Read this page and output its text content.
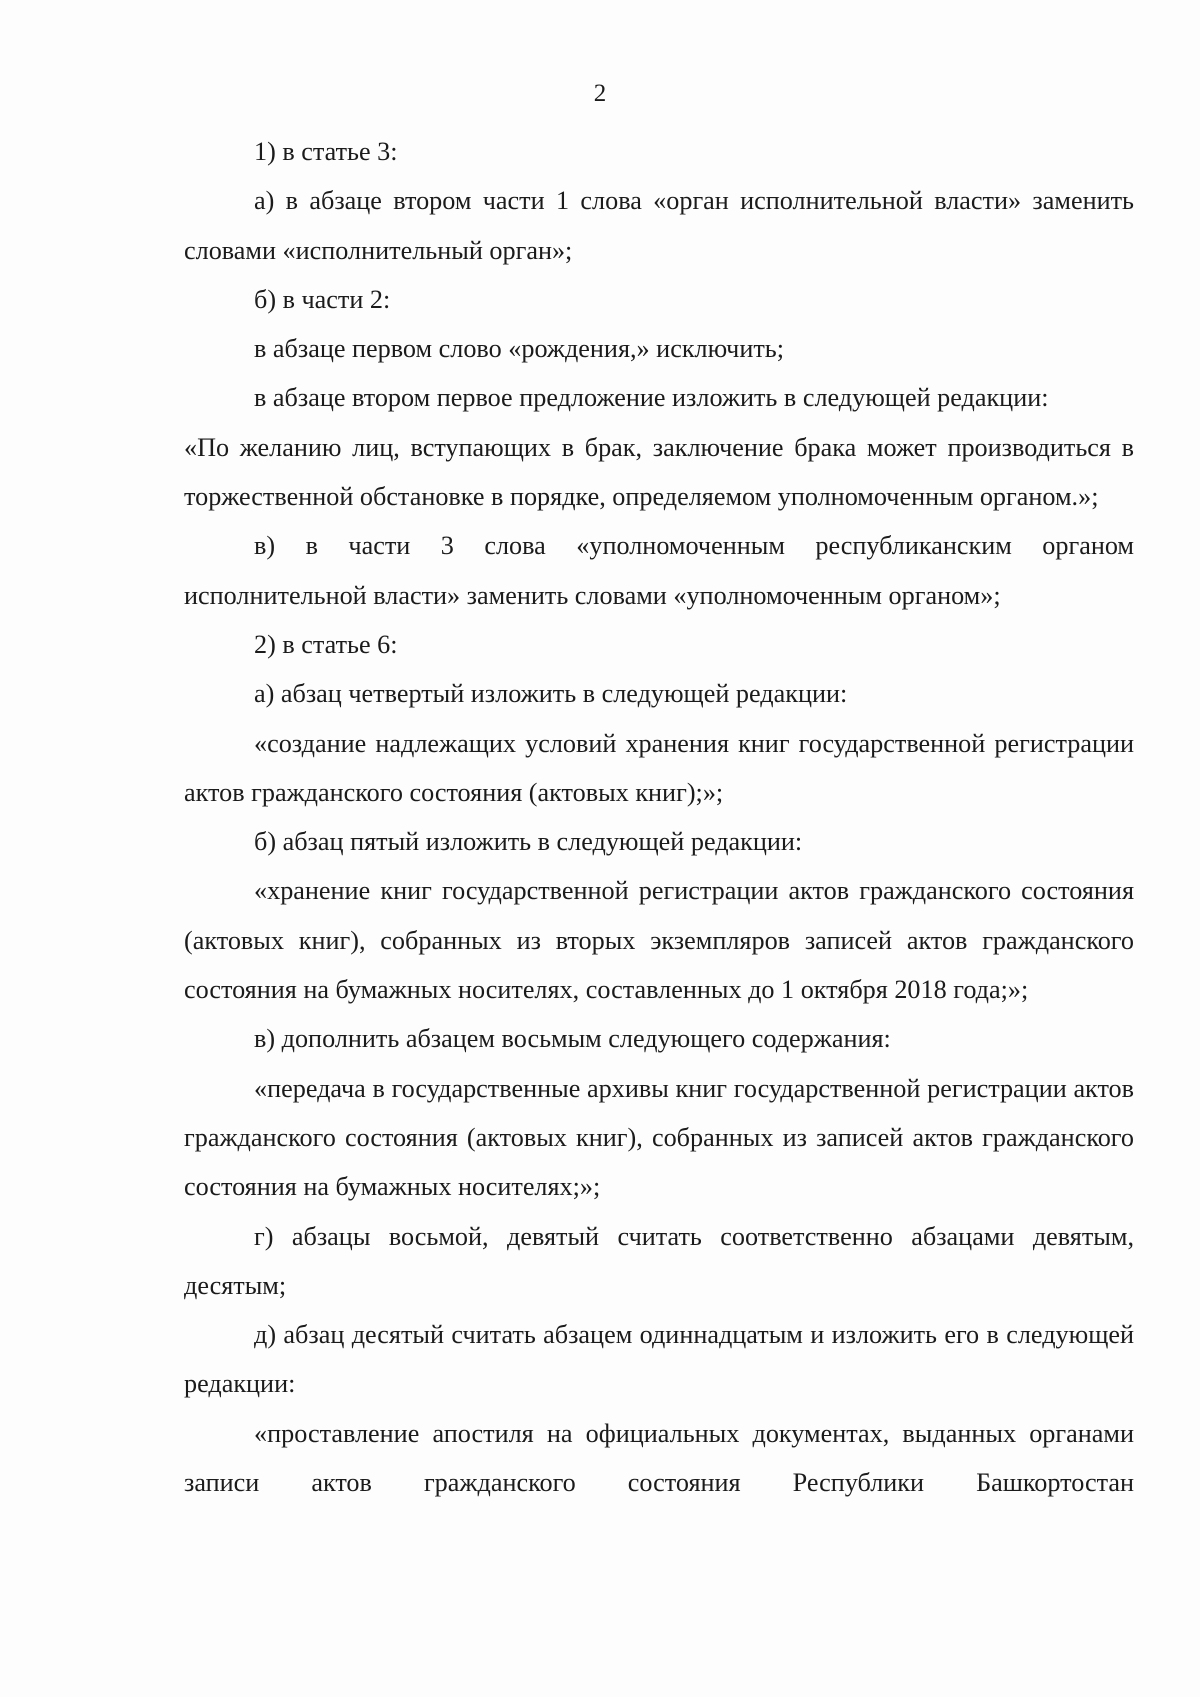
2

1) в статье 3:

а) в абзаце втором части 1 слова «орган исполнительной власти» заменить словами «исполнительный орган»;

б) в части 2:

в абзаце первом слово «рождения,» исключить;

в абзаце втором первое предложение изложить в следующей редакции:

«По желанию лиц, вступающих в брак, заключение брака может производиться в торжественной обстановке в порядке, определяемом уполномоченным органом.»;

в) в части 3 слова «уполномоченным республиканским органом исполнительной власти» заменить словами «уполномоченным органом»;

2) в статье 6:

а) абзац четвертый изложить в следующей редакции:

«создание надлежащих условий хранения книг государственной регистрации актов гражданского состояния (актовых книг);»;

б) абзац пятый изложить в следующей редакции:

«хранение книг государственной регистрации актов гражданского состояния (актовых книг), собранных из вторых экземпляров записей актов гражданского состояния на бумажных носителях, составленных до 1 октября 2018 года;»;

в) дополнить абзацем восьмым следующего содержания:

«передача в государственные архивы книг государственной регистрации актов гражданского состояния (актовых книг), собранных из записей актов гражданского состояния на бумажных носителях;»;

г) абзацы восьмой, девятый считать соответственно абзацами девятым, десятым;

д) абзац десятый считать абзацем одиннадцатым и изложить его в следующей редакции:

«проставление апостиля на официальных документах, выданных органами записи актов гражданского состояния Республики Башкортостан
